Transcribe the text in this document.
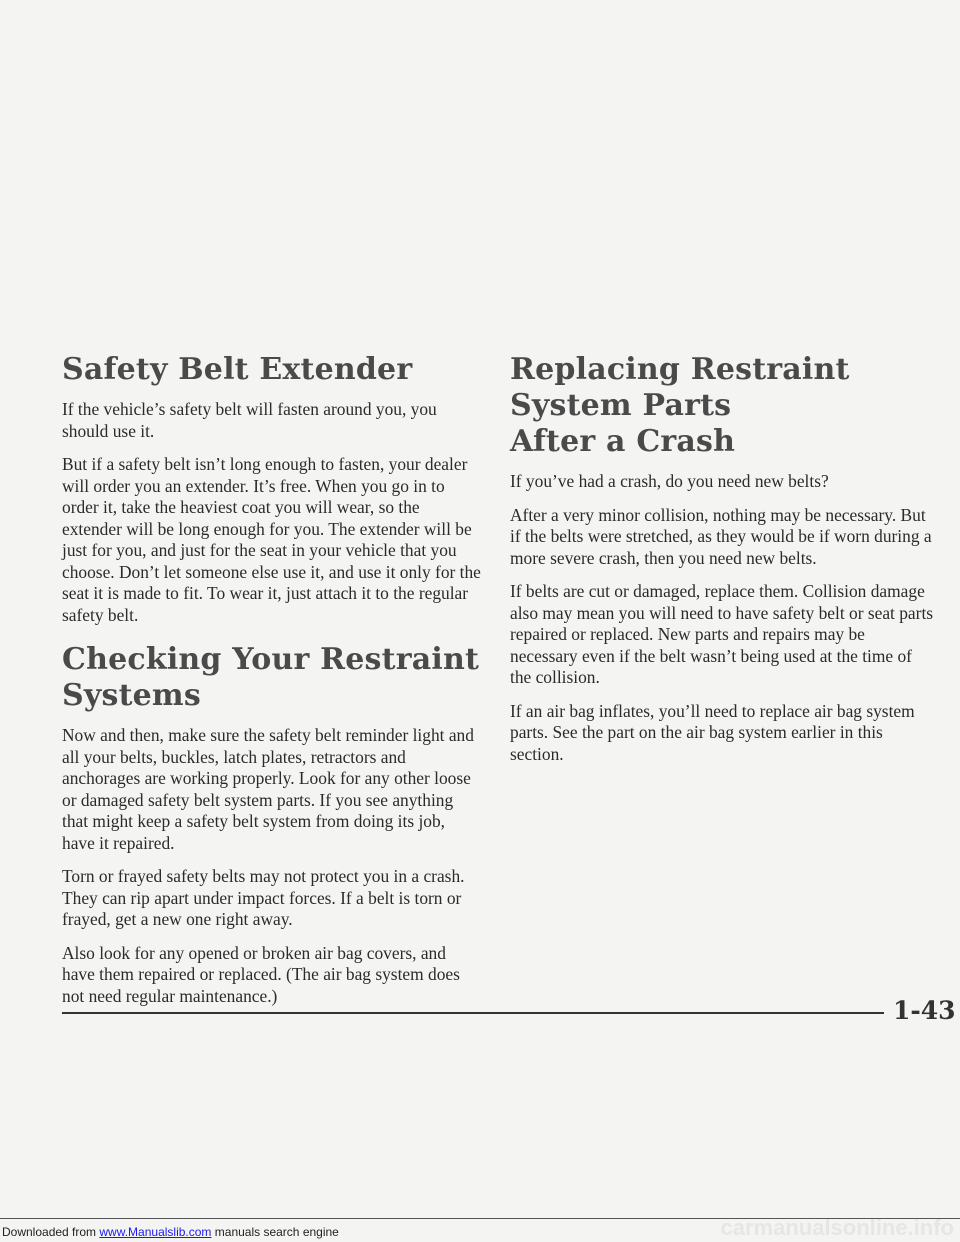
Safety Belt Extender

If the vehicle’s safety belt will fasten around you, you should use it.

But if a safety belt isn’t long enough to fasten, your dealer will order you an extender. It’s free. When you go in to order it, take the heaviest coat you will wear, so the extender will be long enough for you. The extender will be just for you, and just for the seat in your vehicle that you choose. Don’t let someone else use it, and use it only for the seat it is made to fit. To wear it, just attach it to the regular safety belt.

Checking Your Restraint Systems

Now and then, make sure the safety belt reminder light and all your belts, buckles, latch plates, retractors and anchorages are working properly. Look for any other loose or damaged safety belt system parts. If you see anything that might keep a safety belt system from doing its job, have it repaired.

Torn or frayed safety belts may not protect you in a crash. They can rip apart under impact forces. If a belt is torn or frayed, get a new one right away.

Also look for any opened or broken air bag covers, and have them repaired or replaced. (The air bag system does not need regular maintenance.)

Replacing Restraint System Parts
After a Crash

If you’ve had a crash, do you need new belts?

After a very minor collision, nothing may be necessary. But if the belts were stretched, as they would be if worn during a more severe crash, then you need new belts.

If belts are cut or damaged, replace them. Collision damage also may mean you will need to have safety belt or seat parts repaired or replaced. New parts and repairs may be necessary even if the belt wasn’t being used at the time of the collision.

If an air bag inflates, you’ll need to replace air bag system parts. See the part on the air bag system earlier in this section.

1-43
Downloaded from www.Manualslib.com manuals search engine	carmanualsonline.info
